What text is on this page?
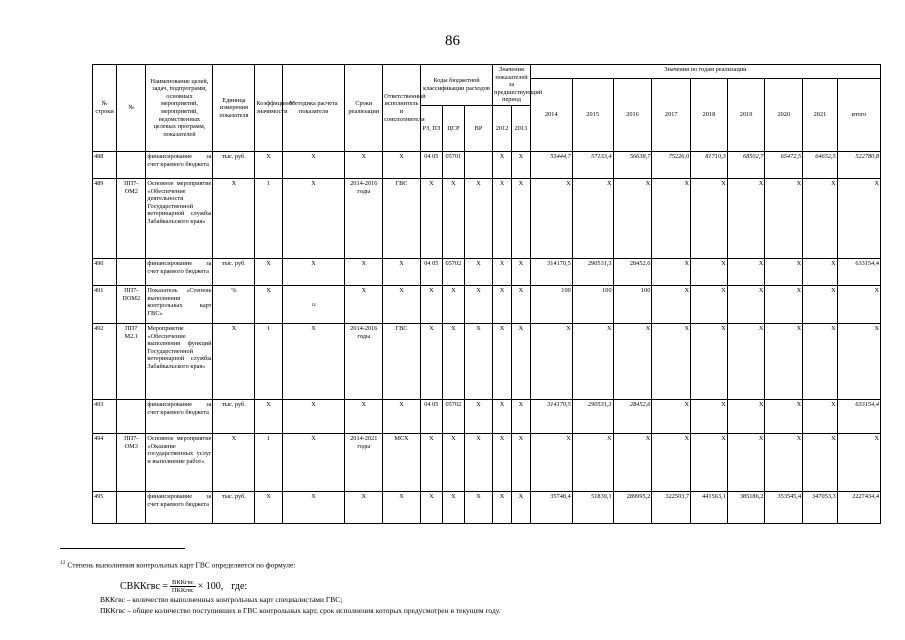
86
№ строки	№	Наименование целей, задач, подпрограмм, основных мероприятий, мероприятий, ведомственных целевых программ, показателей	Единица измерения показателя	Коэффициент значимости	Методика расчета показателя	Сроки реализации	Ответственный исполнитель и соисполнители	Коды бюджетной классификации расходов			Значения показателей за предшествующий период		Значения по годам реализации								
													2014	2015	2016	2017	2018	2019	2020	2021	итого
								РЗ, ПЗ	ЦСР	ВР	2012	2013									
488		финансирование за счет краевого бюджета	тыс. руб.	X	X	X	X	04 05	05701		X	X	53444,7	57133,4	56638,7	75226,0	81710,3	68502,7	65472,5	64652,5	522780,8
489	ПП7-ОМ2	Основное мероприятие «Обеспечение деятельности Государственной ветеринарной службы Забайкальского края»	X	1	X	2014-2016 годы	ГВС	X	X	X	X	X	X	X	X	X	X	X	X	X	X
490		финансирование за счет краевого бюджета	тыс. руб.	X	X	X	X	04 05	05702	X	X	X	314170,5	290531,3	28452,6	X	X	X	X	X	633154,4
491	ПП7-ПОМ2	Показатель «Степень выполнения контрольных карт ГВС»	%	X	12	X	X	X	X	X	X	X	100	100	100	X	X	X	X	X	X
492	ПП7 М2.1	Мероприятие «Обеспечение выполнения функций Государственной ветеринарной службы Забайкальского края»	X	1	X	2014-2016 годы	ГВС	X	X	X	X	X	X	X	X	X	X	X	X	X	X
493		финансирование за счет краевого бюджета	тыс. руб.	X	X	X	X	04 05	05702	X	X	X	314170,5	290531,3	28452,6	X	X	X	X	X	633154,4
494	ПП7-ОМ3	Основное мероприятие «Оказание государственных услуг и выполнение работ»	X	1	X	2014-2021 годы	МСХ	X	X	X	X	X	X	X	X	X	X	X	X	X	X
495		финансирование за счет краевого бюджета	тыс. руб.	X	X	X	X	X	X	X	X	X	35748,4	51839,1	289995,2	322503,7	441563,1	385186,2	353545,4	347053,3	2227434,4
$^{12}$ Степень выполнения контрольных карт ГВС определяется по формуле:
СВККгвс = $\frac{\text{ВККгвс}}{\text{ПККгвс}} \times 100$, где:
ВККгвс – количество выполненных контрольных карт специалистами ГВС;
ПККгвс – общее количество поступивших в ГВС контрольных карт, срок исполнения которых предусмотрен в текущем году.
